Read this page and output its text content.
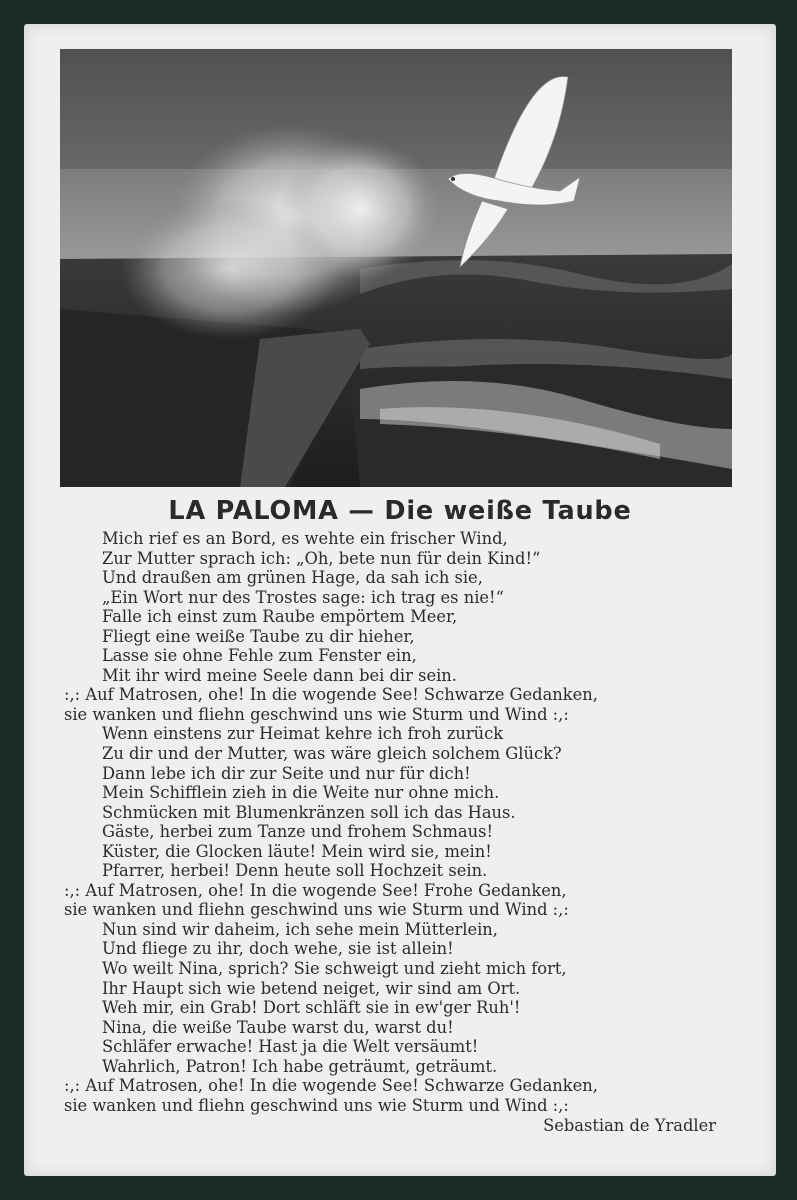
LA PALOMA — Die weiße Taube
Mich rief es an Bord, es wehte ein frischer Wind,
Zur Mutter sprach ich: „Oh, bete nun für dein Kind!“
Und draußen am grünen Hage, da sah ich sie,
„Ein Wort nur des Trostes sage: ich trag es nie!“
Falle ich einst zum Raube empörtem Meer,
Fliegt eine weiße Taube zu dir hieher,
Lasse sie ohne Fehle zum Fenster ein,
Mit ihr wird meine Seele dann bei dir sein.
:,: Auf Matrosen, ohe! In die wogende See! Schwarze Gedanken,
sie wanken und fliehn geschwind uns wie Sturm und Wind :,:
Wenn einstens zur Heimat kehre ich froh zurück
Zu dir und der Mutter, was wäre gleich solchem Glück?
Dann lebe ich dir zur Seite und nur für dich!
Mein Schifflein zieh in die Weite nur ohne mich.
Schmücken mit Blumenkränzen soll ich das Haus.
Gäste, herbei zum Tanze und frohem Schmaus!
Küster, die Glocken läute! Mein wird sie, mein!
Pfarrer, herbei! Denn heute soll Hochzeit sein.
:,: Auf Matrosen, ohe! In die wogende See! Frohe Gedanken,
sie wanken und fliehn geschwind uns wie Sturm und Wind :,:
Nun sind wir daheim, ich sehe mein Mütterlein,
Und fliege zu ihr, doch wehe, sie ist allein!
Wo weilt Nina, sprich? Sie schweigt und zieht mich fort,
Ihr Haupt sich wie betend neiget, wir sind am Ort.
Weh mir, ein Grab! Dort schläft sie in ew'ger Ruh'!
Nina, die weiße Taube warst du, warst du!
Schläfer erwache! Hast ja die Welt versäumt!
Wahrlich, Patron! Ich habe geträumt, geträumt.
:,: Auf Matrosen, ohe! In die wogende See! Schwarze Gedanken,
sie wanken und fliehn geschwind uns wie Sturm und Wind :,:
Sebastian de Yradler
